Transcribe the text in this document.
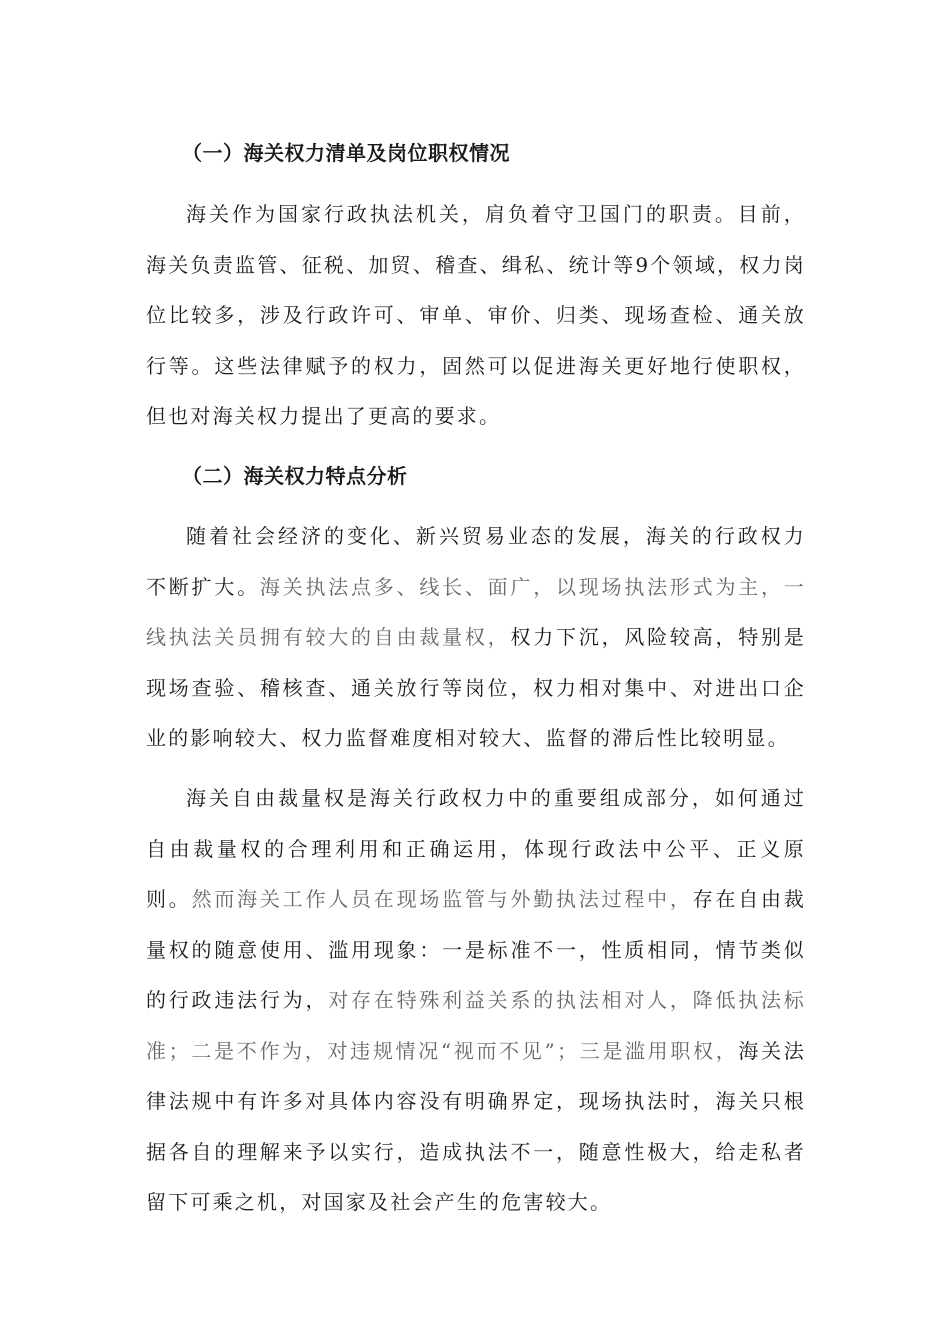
（一）海关权力清单及岗位职权情况

海关作为国家行政执法机关，肩负着守卫国门的职责。目前，海关负责监管、征税、加贸、稽查、缉私、统计等9个领域，权力岗位比较多，涉及行政许可、审单、审价、归类、现场查检、通关放行等。这些法律赋予的权力，固然可以促进海关更好地行使职权，但也对海关权力提出了更高的要求。

（二）海关权力特点分析

随着社会经济的变化、新兴贸易业态的发展，海关的行政权力不断扩大。海关执法点多、线长、面广，以现场执法形式为主，一线执法关员拥有较大的自由裁量权，权力下沉，风险较高，特别是现场查验、稽核查、通关放行等岗位，权力相对集中、对进出口企业的影响较大、权力监督难度相对较大、监督的滞后性比较明显。

海关自由裁量权是海关行政权力中的重要组成部分，如何通过自由裁量权的合理利用和正确运用，体现行政法中公平、正义原则。然而海关工作人员在现场监管与外勤执法过程中，存在自由裁量权的随意使用、滥用现象：一是标准不一，性质相同，情节类似的行政违法行为，对存在特殊利益关系的执法相对人，降低执法标准；二是不作为，对违规情况“视而不见”；三是滥用职权，海关法律法规中有许多对具体内容没有明确界定，现场执法时，海关只根据各自的理解来予以实行，造成执法不一，随意性极大，给走私者留下可乘之机，对国家及社会产生的危害较大。
